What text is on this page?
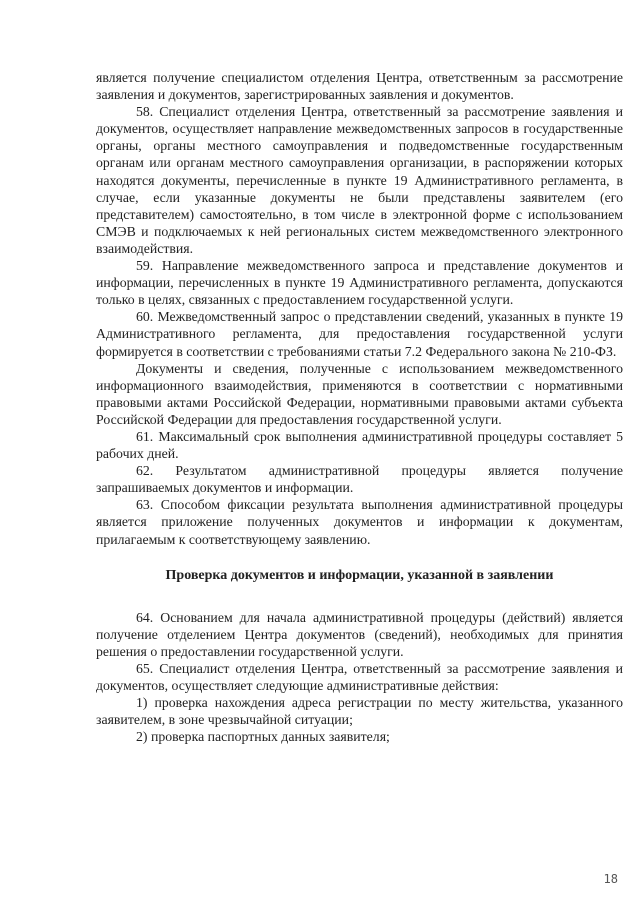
является получение специалистом отделения Центра, ответственным за рассмотрение заявления и документов, зарегистрированных заявления и документов.

58. Специалист отделения Центра, ответственный за рассмотрение заявления и документов, осуществляет направление межведомственных запросов в государственные органы, органы местного самоуправления и подведомственные государственным органам или органам местного самоуправления организации, в распоряжении которых находятся документы, перечисленные в пункте 19 Административного регламента, в случае, если указанные документы не были представлены заявителем (его представителем) самостоятельно, в том числе в электронной форме с использованием СМЭВ и подключаемых к ней региональных систем межведомственного электронного взаимодействия.

59. Направление межведомственного запроса и представление документов и информации, перечисленных в пункте 19 Административного регламента, допускаются только в целях, связанных с предоставлением государственной услуги.

60. Межведомственный запрос о представлении сведений, указанных в пункте 19 Административного регламента, для предоставления государственной услуги формируется в соответствии с требованиями статьи 7.2 Федерального закона № 210-ФЗ.

Документы и сведения, полученные с использованием межведомственного информационного взаимодействия, применяются в соответствии с нормативными правовыми актами Российской Федерации, нормативными правовыми актами субъекта Российской Федерации для предоставления государственной услуги.

61. Максимальный срок выполнения административной процедуры составляет 5 рабочих дней.

62. Результатом административной процедуры является получение запрашиваемых документов и информации.

63. Способом фиксации результата выполнения административной процедуры является приложение полученных документов и информации к документам, прилагаемым к соответствующему заявлению.

Проверка документов и информации, указанной в заявлении

64. Основанием для начала административной процедуры (действий) является получение отделением Центра документов (сведений), необходимых для принятия решения о предоставлении государственной услуги.

65. Специалист отделения Центра, ответственный за рассмотрение заявления и документов, осуществляет следующие административные действия:

1) проверка нахождения адреса регистрации по месту жительства, указанного заявителем, в зоне чрезвычайной ситуации;

2) проверка паспортных данных заявителя;

18
